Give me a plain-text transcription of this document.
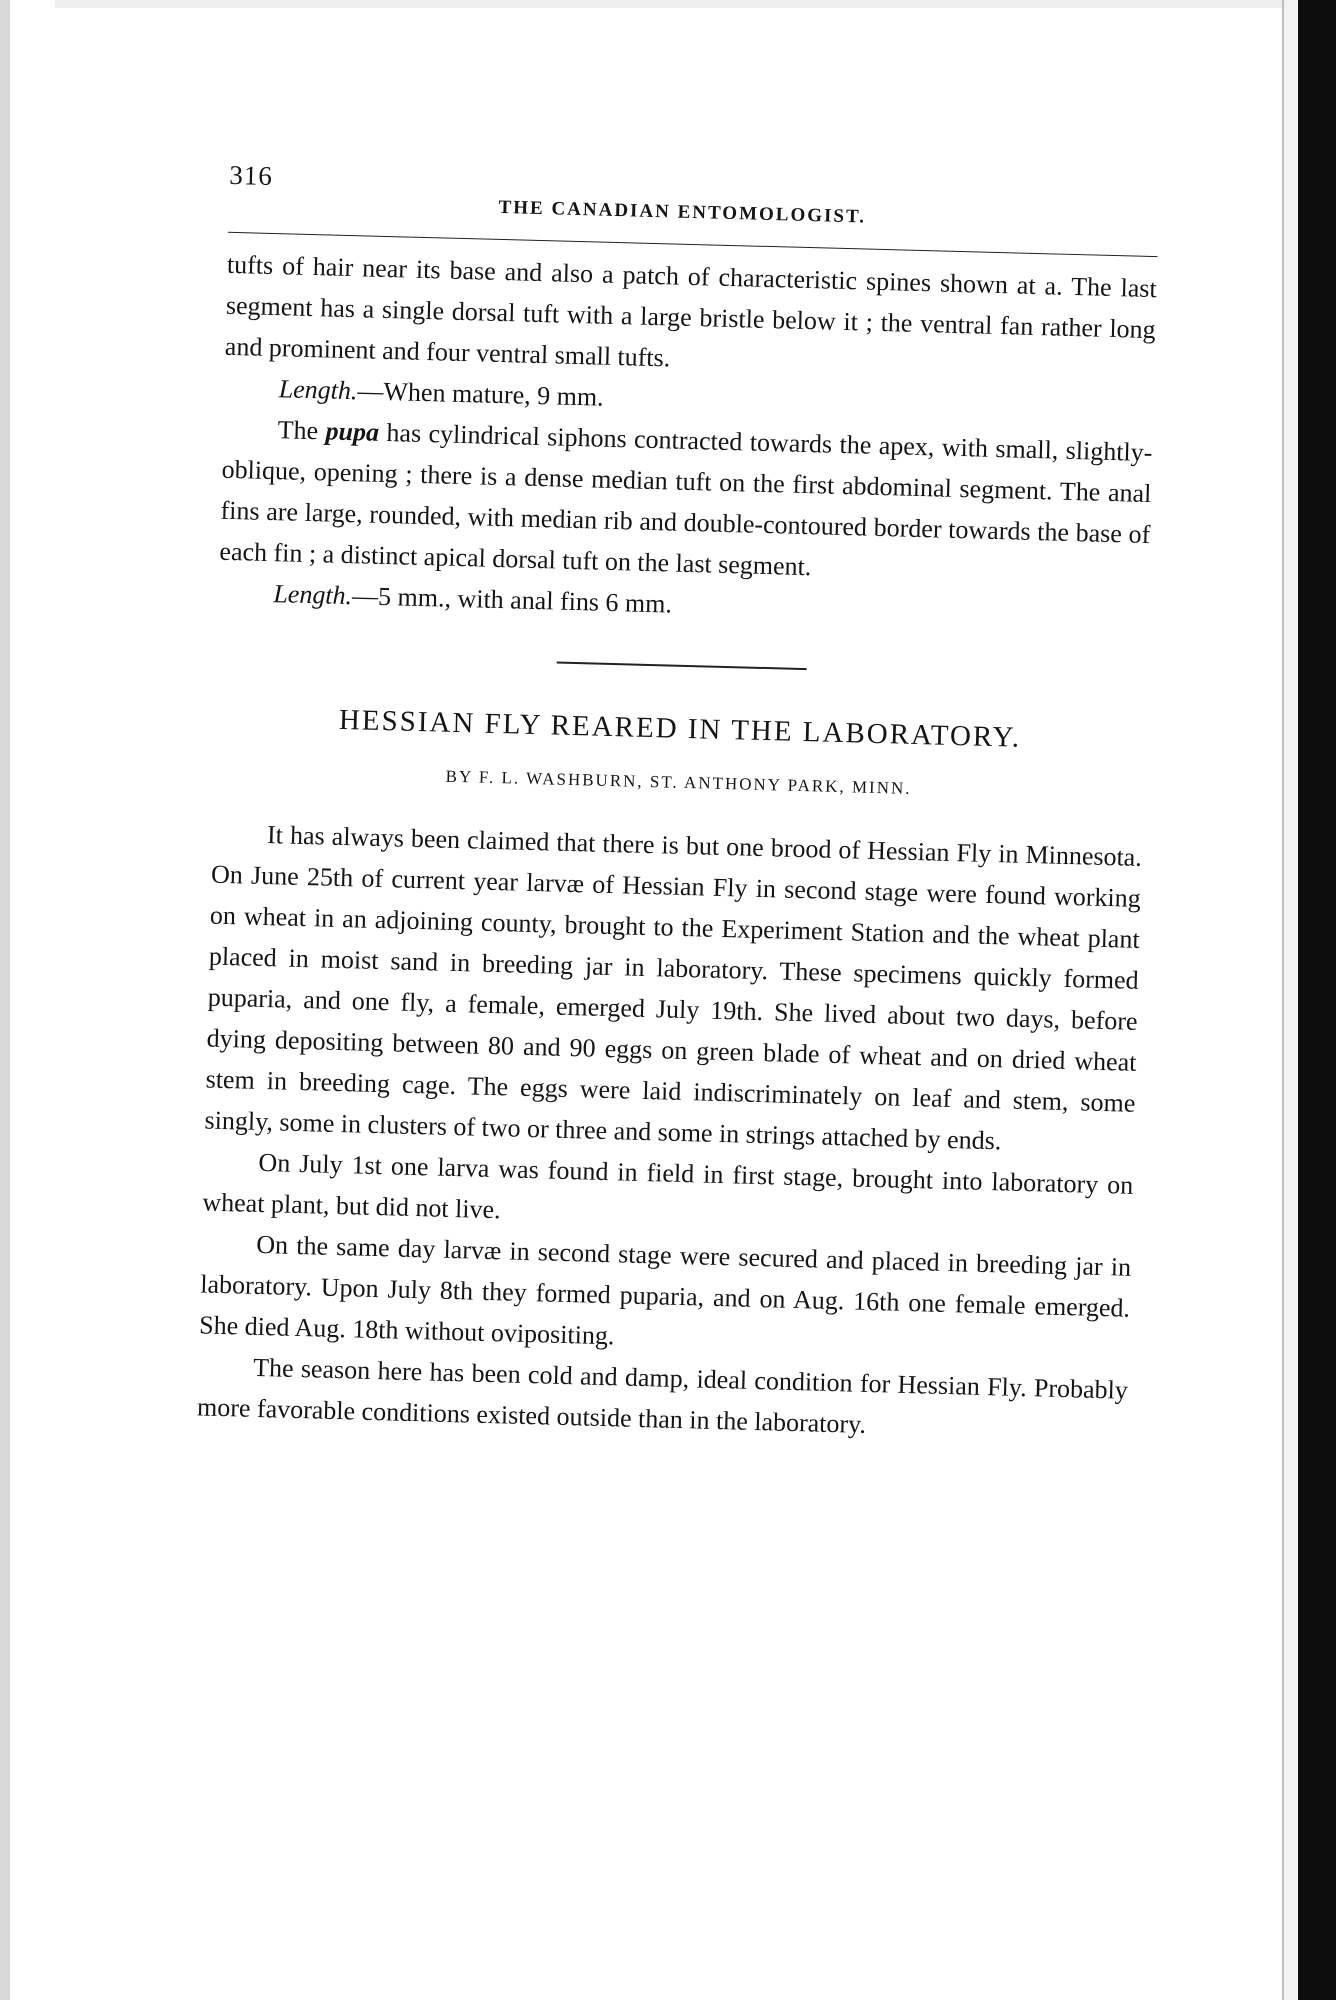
316
THE CANADIAN ENTOMOLOGIST.

tufts of hair near its base and also a patch of characteristic spines shown at a. The last segment has a single dorsal tuft with a large bristle below it ; the ventral fan rather long and prominent and four ventral small tufts.

Length.—When mature, 9 mm.

The pupa has cylindrical siphons contracted towards the apex, with small, slightly-oblique, opening ; there is a dense median tuft on the first abdominal segment. The anal fins are large, rounded, with median rib and double-contoured border towards the base of each fin ; a distinct apical dorsal tuft on the last segment.

Length.—5 mm., with anal fins 6 mm.

HESSIAN FLY REARED IN THE LABORATORY.
BY F. L. WASHBURN, ST. ANTHONY PARK, MINN.

It has always been claimed that there is but one brood of Hessian Fly in Minnesota. On June 25th of current year larvæ of Hessian Fly in second stage were found working on wheat in an adjoining county, brought to the Experiment Station and the wheat plant placed in moist sand in breeding jar in laboratory. These specimens quickly formed puparia, and one fly, a female, emerged July 19th. She lived about two days, before dying depositing between 80 and 90 eggs on green blade of wheat and on dried wheat stem in breeding cage. The eggs were laid indiscriminately on leaf and stem, some singly, some in clusters of two or three and some in strings attached by ends.

On July 1st one larva was found in field in first stage, brought into laboratory on wheat plant, but did not live.

On the same day larvæ in second stage were secured and placed in breeding jar in laboratory. Upon July 8th they formed puparia, and on Aug. 16th one female emerged. She died Aug. 18th without ovipositing.

The season here has been cold and damp, ideal condition for Hessian Fly. Probably more favorable conditions existed outside than in the laboratory.
